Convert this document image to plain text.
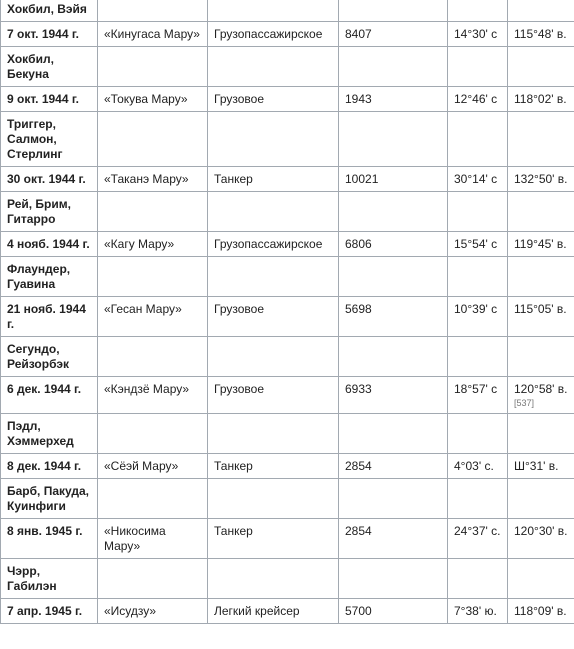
Хокбил, Вэйя					
7 окт. 1944 г.	«Кинугаса Мару»	Грузопассажирское	8407	14°30' с	115°48' в.
Хокбил, Бекуна					
9 окт. 1944 г.	«Токува Мару»	Грузовое	1943	12°46' с	118°02' в.
Триггер, Салмон, Стерлинг					
30 окт. 1944 г.	«Таканэ Мару»	Танкер	10021	30°14' с	132°50' в.
Рей, Брим, Гитарро					
4 нояб. 1944 г.	«Кагу Мару»	Грузопассажирское	6806	15°54' с	119°45' в.
Флаундер, Гуавина					
21 нояб. 1944 г.	«Гесан Мару»	Грузовое	5698	10°39' с	115°05' в.
Сегундо, Рейзорбэк					
6 дек. 1944 г.	«Кэндзё Мару»	Грузовое	6933	18°57' с	120°58' в.
[537]

Пэдл, Хэммерхед					
8 дек. 1944 г.	«Сёэй Мару»	Танкер	2854	4°03' с.	Ш°31' в.
Барб, Пакуда, Куинфиги					
8 янв. 1945 г.	«Никосима Мару»	Танкер	2854	24°37' с.	120°30' в.
Чэрр, Габилэн					
7 апр. 1945 г.	«Исудзу»	Легкий крейсер	5700	7°38' ю.	118°09' в.
